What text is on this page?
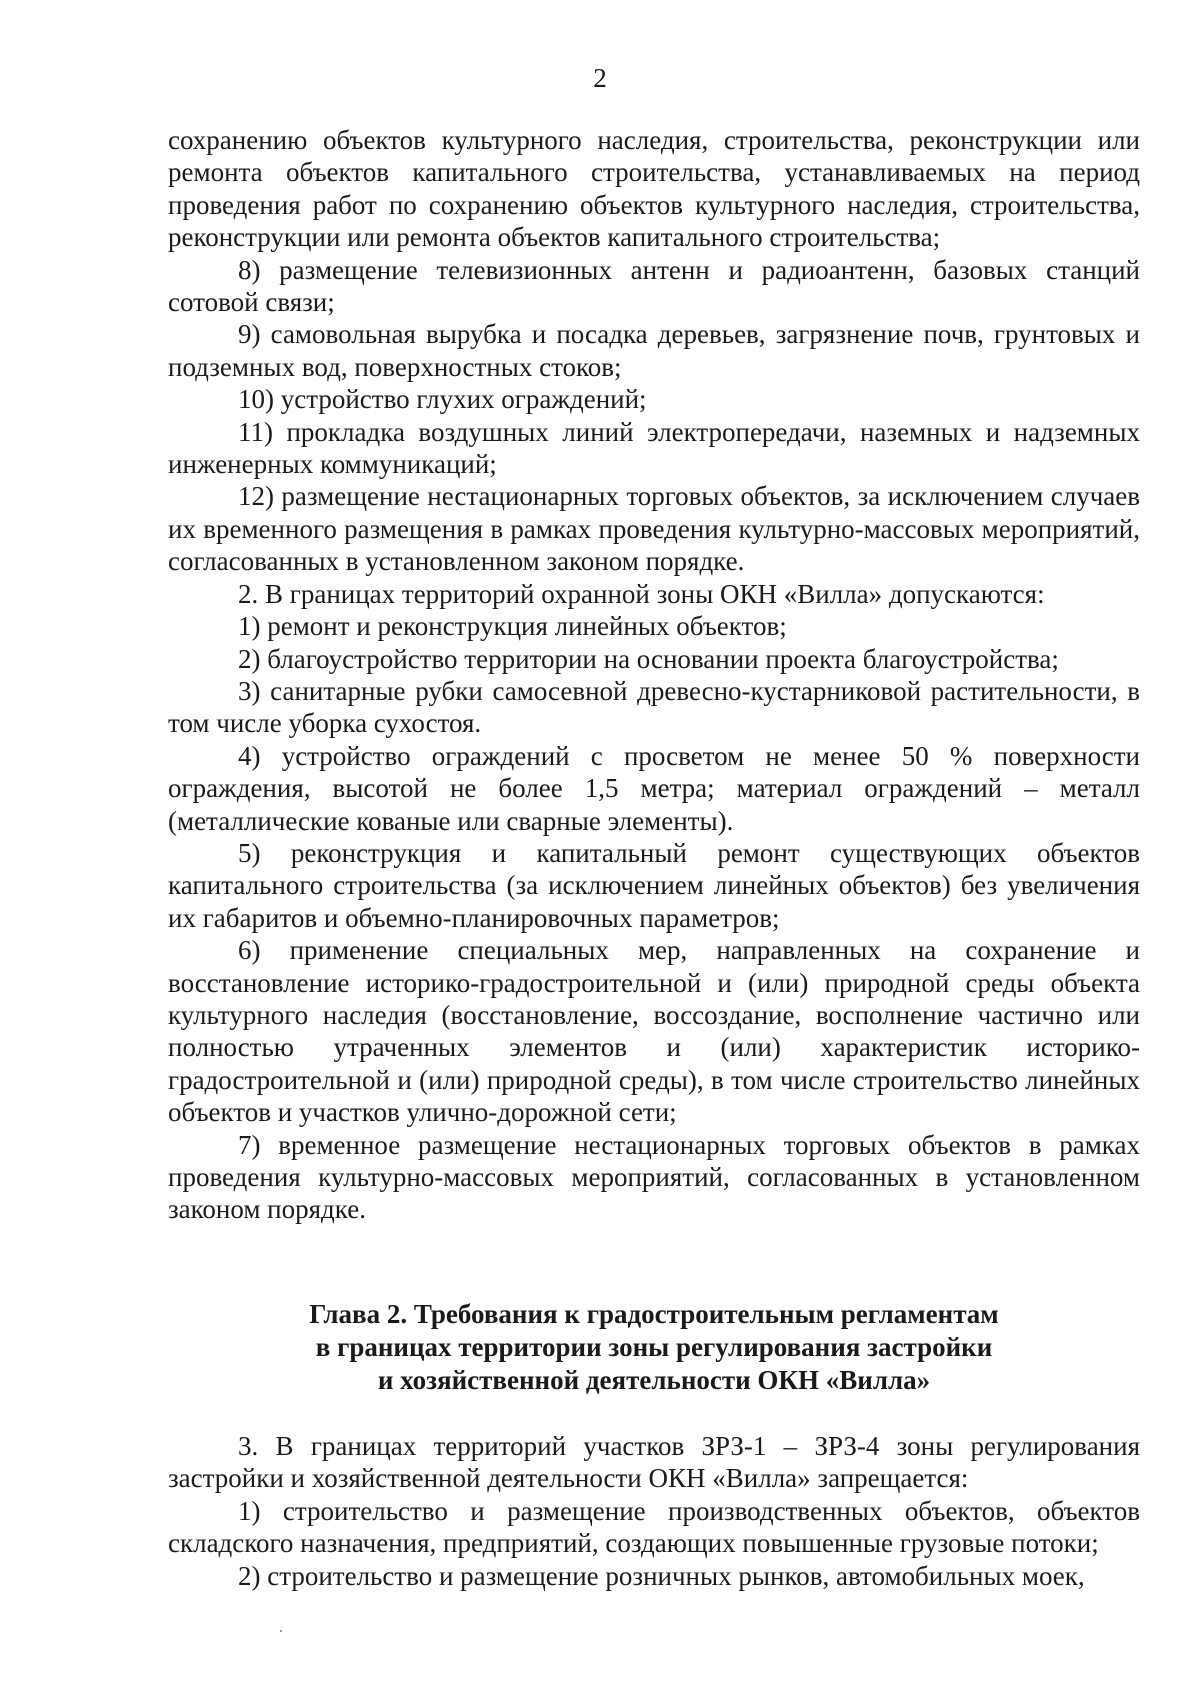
2

сохранению объектов культурного наследия, строительства, реконструкции или ремонта объектов капитального строительства, устанавливаемых на период проведения работ по сохранению объектов культурного наследия, строительства, реконструкции или ремонта объектов капитального строительства;

8) размещение телевизионных антенн и радиоантенн, базовых станций сотовой связи;

9) самовольная вырубка и посадка деревьев, загрязнение почв, грунтовых и подземных вод, поверхностных стоков;

10) устройство глухих ограждений;

11) прокладка воздушных линий электропередачи, наземных и надземных инженерных коммуникаций;

12) размещение нестационарных торговых объектов, за исключением случаев их временного размещения в рамках проведения культурно-массовых мероприятий, согласованных в установленном законом порядке.

2. В границах территорий охранной зоны ОКН «Вилла» допускаются:

1) ремонт и реконструкция линейных объектов;

2) благоустройство территории на основании проекта благоустройства;

3) санитарные рубки самосевной древесно-кустарниковой растительности, в том числе уборка сухостоя.

4) устройство ограждений с просветом не менее 50 % поверхности ограждения, высотой не более 1,5 метра; материал ограждений – металл (металлические кованые или сварные элементы).

5) реконструкция и капитальный ремонт существующих объектов капитального строительства (за исключением линейных объектов) без увеличения их габаритов и объемно-планировочных параметров;

6) применение специальных мер, направленных на сохранение и восстановление историко-градостроительной и (или) природной среды объекта культурного наследия (восстановление, воссоздание, восполнение частично или полностью утраченных элементов и (или) характеристик историко-градостроительной и (или) природной среды), в том числе строительство линейных объектов и участков улично-дорожной сети;

7) временное размещение нестационарных торговых объектов в рамках проведения культурно-массовых мероприятий, согласованных в установленном законом порядке.

Глава 2. Требования к градостроительным регламентам
в границах территории зоны регулирования застройки
и хозяйственной деятельности ОКН «Вилла»

3. В границах территорий участков ЗРЗ-1 – ЗРЗ-4 зоны регулирования застройки и хозяйственной деятельности ОКН «Вилла» запрещается:

1) строительство и размещение производственных объектов, объектов складского назначения, предприятий, создающих повышенные грузовые потоки;

2) строительство и размещение розничных рынков, автомобильных моек,
